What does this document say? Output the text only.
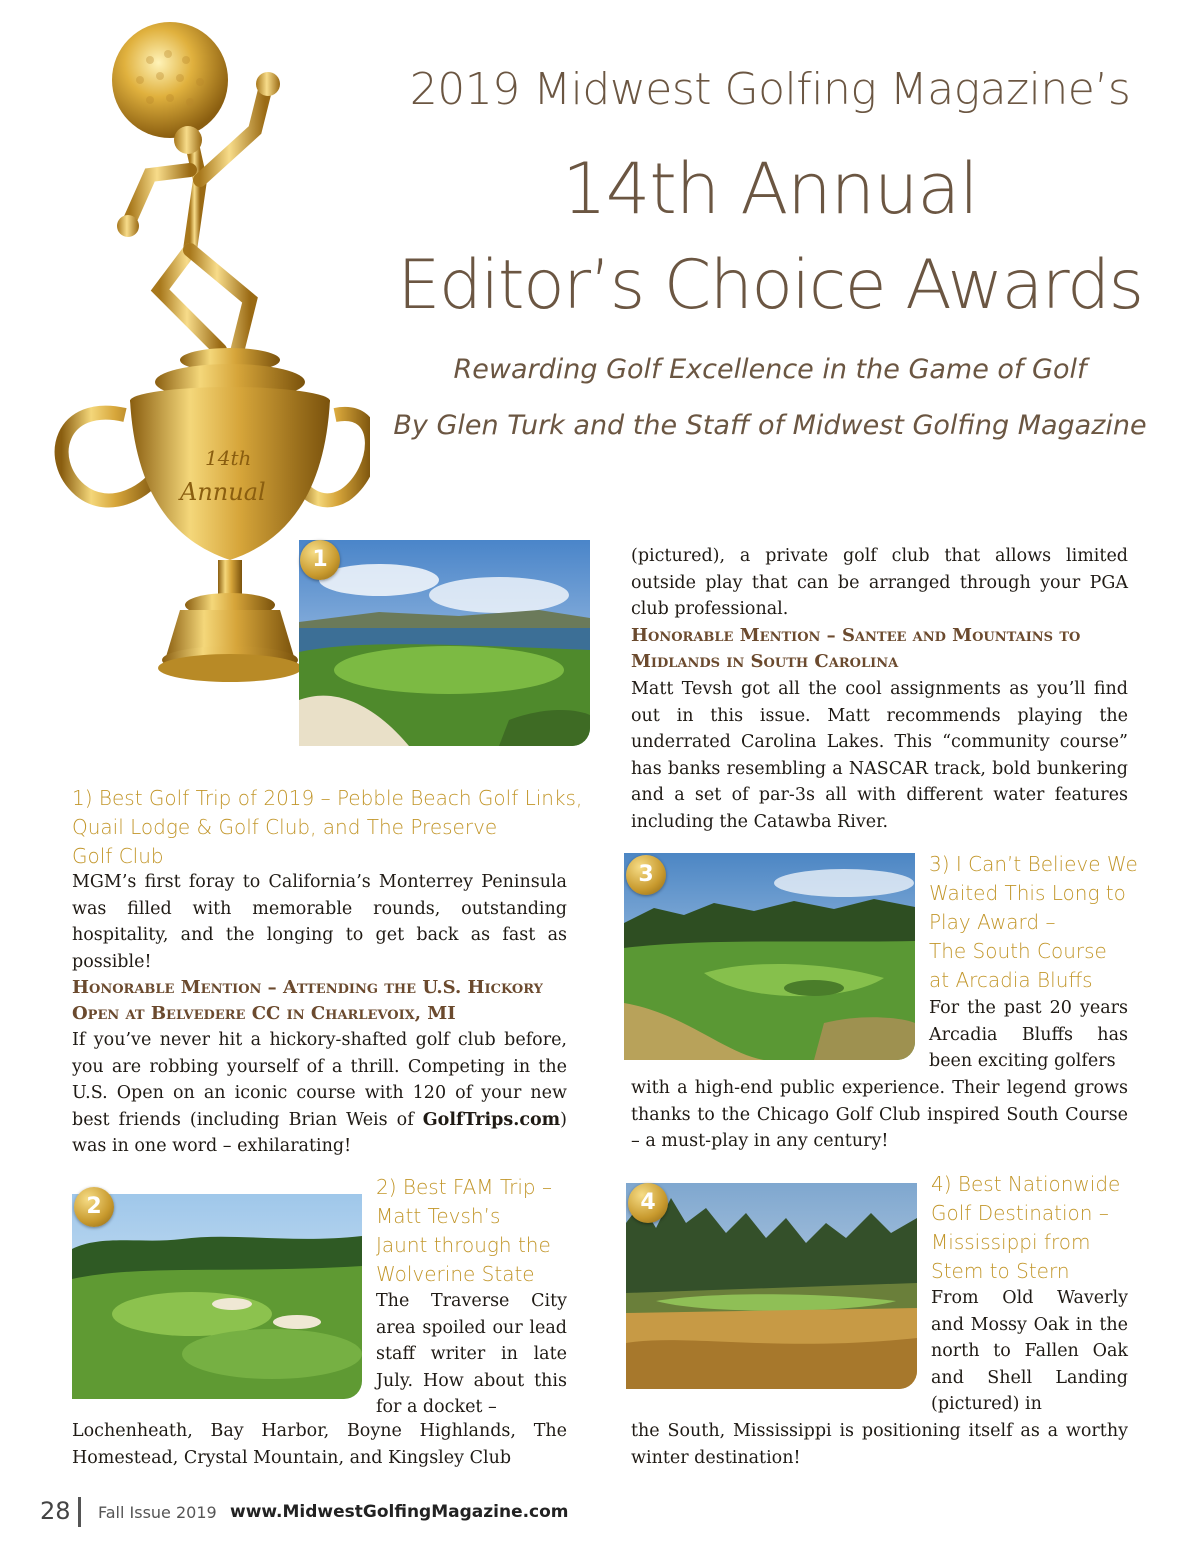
2019 Midwest Golfing Magazine’s
14th Annual
Editor’s Choice Awards
Rewarding Golf Excellence in the Game of Golf
By Glen Turk and the Staff of Midwest Golfing Magazine
14th
Annual
1
1) Best Golf Trip of 2019 – Pebble Beach Golf Links,
Quail Lodge & Golf Club, and The Preserve
Golf Club
MGM’s first foray to California’s Monterrey Peninsula was filled with memorable rounds, outstanding hospitality, and the longing to get back as fast as possible!
Honorable Mention – Attending the U.S. Hickory
Open at Belvedere CC in Charlevoix, MI
If you’ve never hit a hickory-shafted golf club before, you are robbing yourself of a thrill. Competing in the U.S. Open on an iconic course with 120 of your new best friends (including Brian Weis of GolfTrips.com) was in one word – exhilarating!
2
2) Best FAM Trip –
Matt Tevsh’s
Jaunt through the
Wolverine State
The Traverse City area spoiled our lead staff writer in late July. How about this for a docket –
Lochenheath, Bay Harbor, Boyne Highlands, The Homestead, Crystal Mountain, and Kingsley Club
(pictured), a private golf club that allows limited outside play that can be arranged through your PGA club professional.
Honorable Mention – Santee and Mountains to
Midlands in South Carolina
Matt Tevsh got all the cool assignments as you’ll find out in this issue. Matt recommends playing the underrated Carolina Lakes. This “community course” has banks resembling a NASCAR track, bold bunkering and a set of par-3s all with different water features including the Catawba River.
3	3) I Can’t Believe We
Waited This Long to
Play Award –
The South Course
at Arcadia Bluffs
For the past 20 years Arcadia Bluffs has been exciting golfers
with a high-end public experience. Their legend grows thanks to the Chicago Golf Club inspired South Course – a must-play in any century!
4
4) Best Nationwide
Golf Destination –
Mississippi from
Stem to Stern
From Old Waverly and Mossy Oak in the north to Fallen Oak and Shell Landing (pictured) in
the South, Mississippi is positioning itself as a worthy winter destination!
28 Fall Issue 2019 www.MidwestGolfingMagazine.com
